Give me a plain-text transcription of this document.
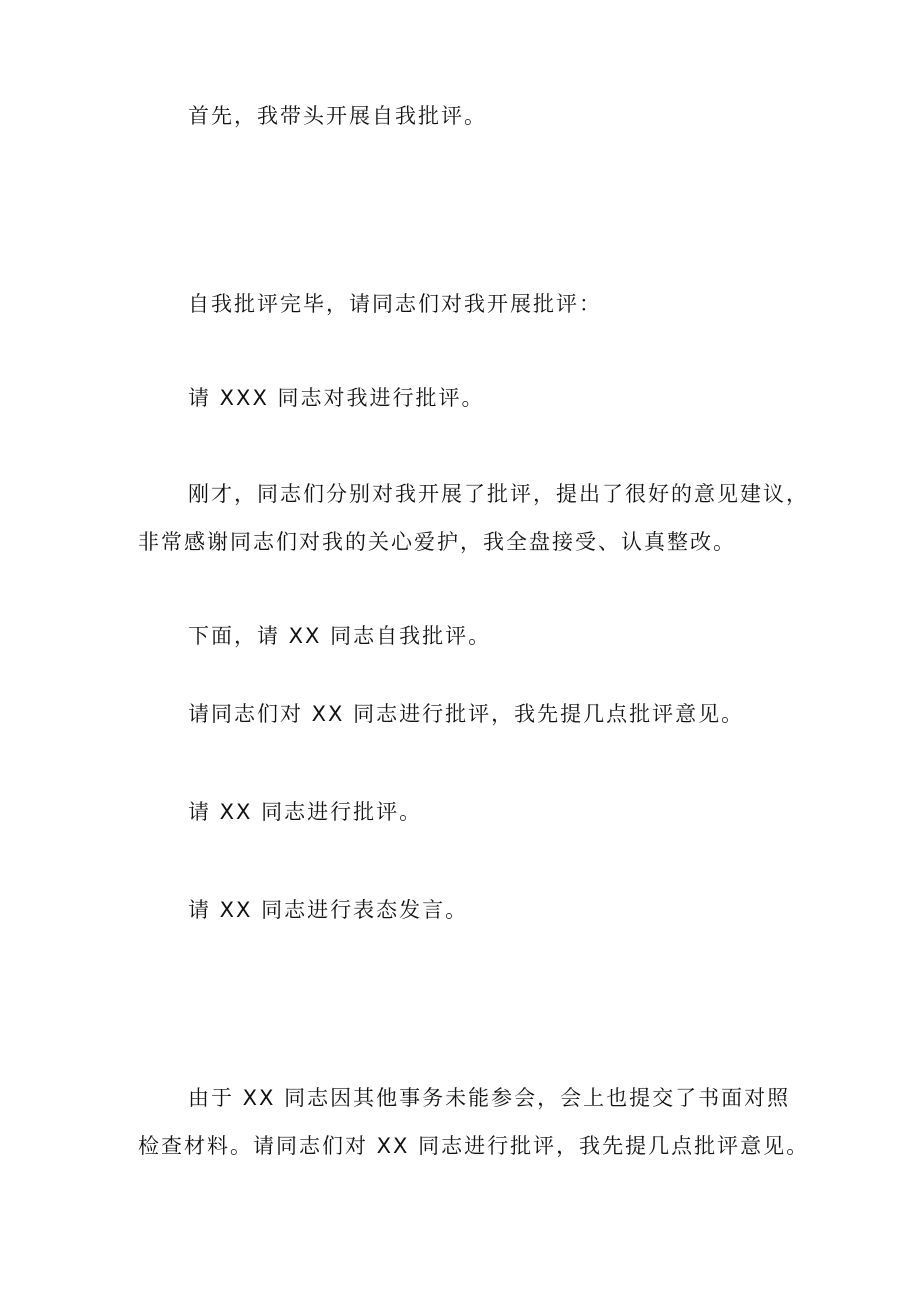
首先，我带头开展自我批评。

自我批评完毕，请同志们对我开展批评：

请 XXX 同志对我进行批评。

刚才，同志们分别对我开展了批评，提出了很好的意见建议，
非常感谢同志们对我的关心爱护，我全盘接受、认真整改。

下面，请 XX 同志自我批评。

请同志们对 XX 同志进行批评，我先提几点批评意见。

请 XX 同志进行批评。

请 XX 同志进行表态发言。

由于 XX 同志因其他事务未能参会，会上也提交了书面对照
检查材料。请同志们对 XX 同志进行批评，我先提几点批评意见。
